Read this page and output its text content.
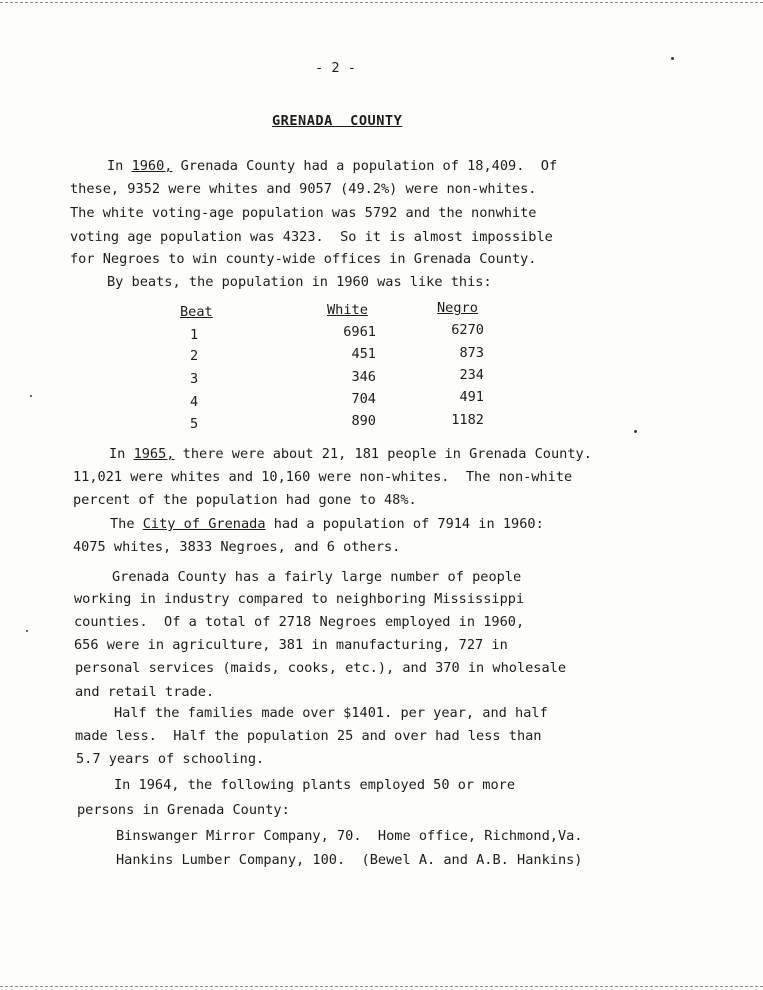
- 2 -
GRENADA  COUNTY
In 1960, Grenada County had a population of 18,409.  Of
these, 9352 were whites and 9057 (49.2%) were non-whites.
The white voting-age population was 5792 and the nonwhite
voting age population was 4323.  So it is almost impossible
for Negroes to win county-wide offices in Grenada County.
By beats, the population in 1960 was like this:
Beat	White	Negro
1	6961	6270
2	451	873
3	346	234
4	704	491
5	890	1182
In 1965, there were about 21, 181 people in Grenada County.
11,021 were whites and 10,160 were non-whites.  The non-white
percent of the population had gone to 48%.
The City of Grenada had a population of 7914 in 1960:
4075 whites, 3833 Negroes, and 6 others.
Grenada County has a fairly large number of people
working in industry compared to neighboring Mississippi
counties.  Of a total of 2718 Negroes employed in 1960,
656 were in agriculture, 381 in manufacturing, 727 in
personal services (maids, cooks, etc.), and 370 in wholesale
and retail trade.
Half the families made over $1401. per year, and half
made less.  Half the population 25 and over had less than
5.7 years of schooling.
In 1964, the following plants employed 50 or more
persons in Grenada County:
Binswanger Mirror Company, 70.  Home office, Richmond,Va.
Hankins Lumber Company, 100.  (Bewel A. and A.B. Hankins)
